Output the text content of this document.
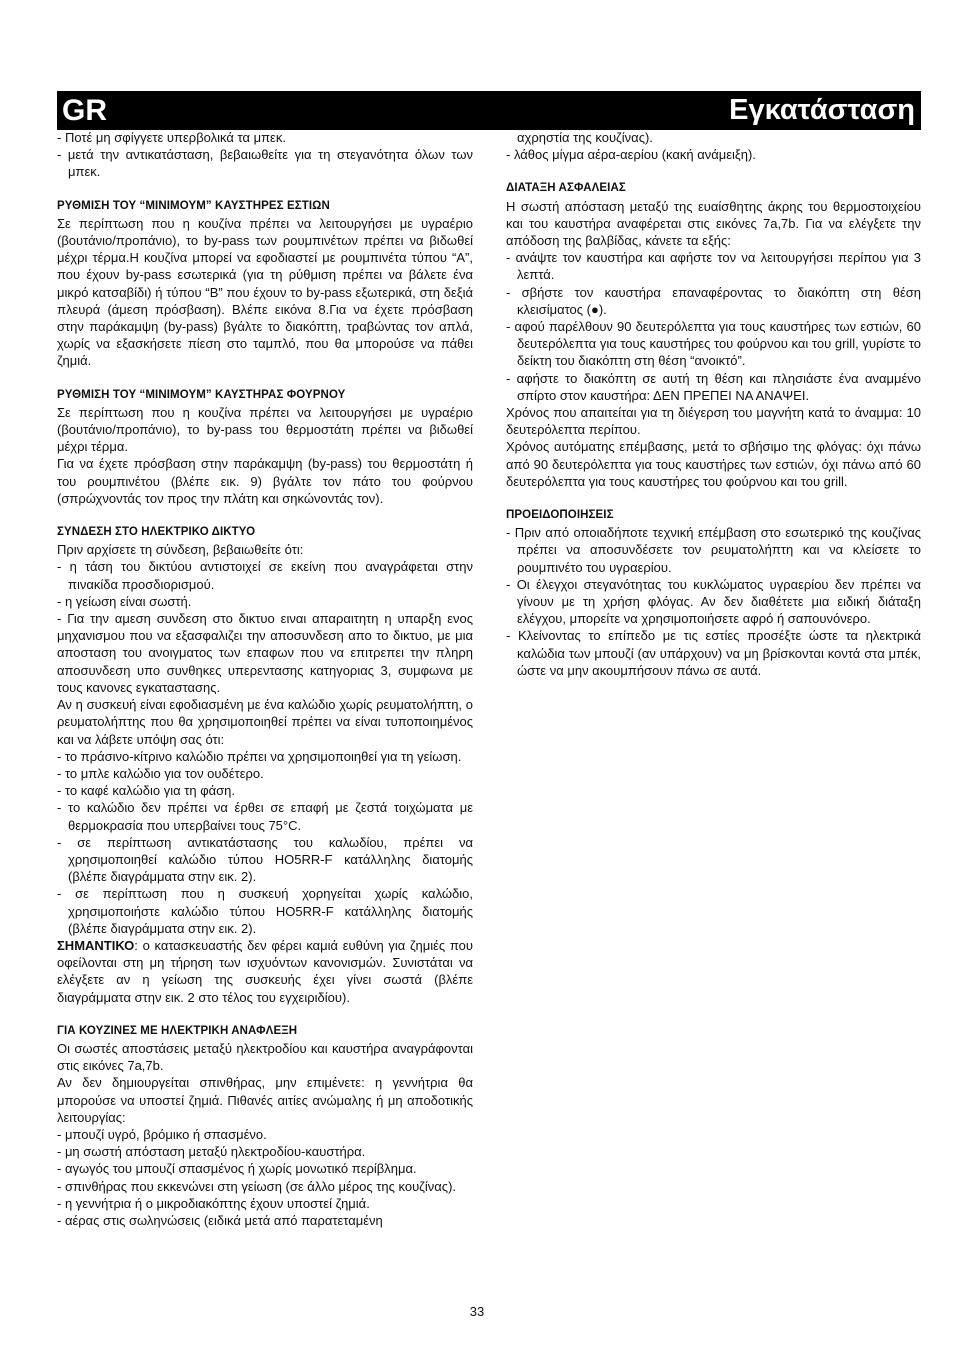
GR	Εγκατάσταση

- Ποτέ μη σφίγγετε υπερβολικά τα μπεκ.

- μετά την αντικατάσταση, βεβαιωθείτε για τη στεγανότητα όλων των μπεκ.

ΡΥΘΜΙΣΗ ΤΟΥ “ΜΙΝΙΜΟΥΜ” ΚΑΥΣΤΗΡΕΣ ΕΣΤΙΩΝ

Σε περίπτωση που η κουζίνα πρέπει να λειτουργήσει με υγραέριο (βουτάνιο/προπάνιο), το by-pass των ρουμπινέτων πρέπει να βιδωθεί μέχρι τέρμα.Η κουζίνα μπορεί να εφοδιαστεί με ρουμπινέτα τύπου “Α”, που έχουν by-pass εσωτερικά (για τη ρύθμιση πρέπει να βάλετε ένα μικρό κατσαβίδι) ή τύπου “Β” που έχουν το by-pass εξωτερικά, στη δεξιά πλευρά (άμεση πρόσβαση). Βλέπε εικόνα 8.Για να έχετε πρόσβαση στην παράκαμψη (by-pass) βγάλτε το διακόπτη, τραβώντας τον απλά, χωρίς να εξασκήσετε πίεση στο ταμπλό, που θα μπορούσε να πάθει ζημιά.

ΡΥΘΜΙΣΗ ΤΟΥ “ΜΙΝΙΜΟΥΜ” ΚΑΥΣΤΗΡΑΣ ΦΟΥΡΝΟΥ

Σε περίπτωση που η κουζίνα πρέπει να λειτουργήσει με υγραέριο (βουτάνιο/προπάνιο), το by-pass του θερμοστάτη πρέπει να βιδωθεί μέχρι τέρμα.

Για να έχετε πρόσβαση στην παράκαμψη (by-pass) του θερμοστάτη ή του ρουμπινέτου (βλέπε εικ. 9) βγάλτε τον πάτο του φούρνου (σπρώχνοντάς τον προς την πλάτη και σηκώνοντάς τον).

ΣΥΝΔΕΣΗ ΣΤΟ ΗΛΕΚΤΡΙΚΟ ΔΙΚΤΥΟ

Πριν αρχίσετε τη σύνδεση, βεβαιωθείτε ότι:

- η τάση του δικτύου αντιστοιχεί σε εκείνη που αναγράφεται στην πινακίδα προσδιορισμού.

- η γείωση είναι σωστή.

- Για την αμεση συνδεση στο δικτυο ειναι απαραιτητη η υπαρξη ενος μηχανισμου που να εξασφαλιζει την αποσυνδεση απο το δικτυο, με μια αποσταση του ανοιγματος των επαφων που να επιτρεπει την πληρη αποσυνδεση υπο συνθηκες υπερεντασης κατηγοριας 3, συμφωνα με τους κανονες εγκαταστασης.

Αν η συσκευή είναι εφοδιασμένη με ένα καλώδιο χωρίς ρευματολήπτη, ο ρευματολήπτης που θα χρησιμοποιηθεί πρέπει να είναι τυποποιημένος και να λάβετε υπόψη σας ότι:

- το πράσινο-κίτρινο καλώδιο πρέπει να χρησιμοποιηθεί για τη γείωση.

- το μπλε καλώδιο για τον ουδέτερο.

- το καφέ καλώδιο για τη φάση.

- το καλώδιο δεν πρέπει να έρθει σε επαφή με ζεστά τοιχώματα με θερμοκρασία που υπερβαίνει τους 75°C.

- σε περίπτωση αντικατάστασης του καλωδίου, πρέπει να χρησιμοποιηθεί καλώδιο τύπου HO5RR-F κατάλληλης διατομής (βλέπε διαγράμματα στην εικ. 2).

- σε περίπτωση που η συσκευή χορηγείται χωρίς καλώδιο, χρησιμοποιήστε καλώδιο τύπου HO5RR-F κατάλληλης διατομής (βλέπε διαγράμματα στην εικ. 2).

ΣΗΜΑΝΤΙΚΟ: ο κατασκευαστής δεν φέρει καμιά ευθύνη για ζημιές που οφείλονται στη μη τήρηση των ισχυόντων κανονισμών. Συνιστάται να ελέγξετε αν η γείωση της συσκευής έχει γίνει σωστά (βλέπε διαγράμματα στην εικ. 2 στο τέλος του εγχειριδίου).

ΓΙΑ ΚΟΥΖΙΝΕΣ ΜΕ ΗΛΕΚΤΡΙΚΗ ΑΝΑΦΛΕΞΗ

Οι σωστές αποστάσεις μεταξύ ηλεκτροδίου και καυστήρα αναγράφονται στις εικόνες 7a,7b.

Αν δεν δημιουργείται σπινθήρας, μην επιμένετε: η γεννήτρια θα μπορούσε να υποστεί ζημιά. Πιθανές αιτίες ανώμαλης ή μη αποδοτικής λειτουργίας:

- μπουζί υγρό, βρόμικο ή σπασμένο.

- μη σωστή απόσταση μεταξύ ηλεκτροδίου-καυστήρα.

- αγωγός του μπουζί σπασμένος ή χωρίς μονωτικό περίβλημα.

- σπινθήρας που εκκενώνει στη γείωση (σε άλλο μέρος της κουζίνας).

- η γεννήτρια ή ο μικροδιακόπτης έχουν υποστεί ζημιά.

- αέρας στις σωληνώσεις (ειδικά μετά από παρατεταμένη

αχρηστία της κουζίνας).

- λάθος μίγμα αέρα-αερίου (κακή ανάμειξη).

ΔΙΑΤΑΞΗ ΑΣΦΑΛΕΙΑΣ

Η σωστή απόσταση μεταξύ της ευαίσθητης άκρης του θερμοστοιχείου και του καυστήρα αναφέρεται στις εικόνες 7a,7b. Για να ελέγξετε την απόδοση της βαλβίδας, κάνετε τα εξής:

- ανάψτε τον καυστήρα και αφήστε τον να λειτουργήσει περίπου για 3 λεπτά.

- σβήστε τον καυστήρα επαναφέροντας το διακόπτη στη θέση κλεισίματος (●).

- αφού παρέλθουν 90 δευτερόλεπτα για τους καυστήρες των εστιών, 60 δευτερόλεπτα για τους καυστήρες του φούρνου και του grill, γυρίστε το δείκτη του διακόπτη στη θέση “ανοικτό”.

- αφήστε το διακόπτη σε αυτή τη θέση και πλησιάστε ένα αναμμένο σπίρτο στον καυστήρα: ΔΕΝ ΠΡΕΠΕΙ ΝΑ ΑΝΑΨΕΙ.

Χρόνος που απαιτείται για τη διέγερση του μαγνήτη κατά το άναμμα: 10 δευτερόλεπτα περίπου.

Χρόνος αυτόματης επέμβασης, μετά το σβήσιμο της φλόγας: όχι πάνω από 90 δευτερόλεπτα για τους καυστήρες των εστιών, όχι πάνω από 60 δευτερόλεπτα για τους καυστήρες του φούρνου και του grill.

ΠΡΟΕΙΔΟΠΟΙΗΣΕΙΣ

- Πριν από οποιαδήποτε τεχνική επέμβαση στο εσωτερικό της κουζίνας πρέπει να αποσυνδέσετε τον ρευματολήπτη και να κλείσετε το ρουμπινέτο του υγραερίου.

- Οι έλεγχοι στεγανότητας του κυκλώματος υγραερίου δεν πρέπει να γίνουν με τη χρήση φλόγας. Αν δεν διαθέτετε μια ειδική διάταξη ελέγχου, μπορείτε να χρησιμοποιήσετε αφρό ή σαπουνόνερο.

- Κλείνοντας το επίπεδο με τις εστίες προσέξτε ώστε τα ηλεκτρικά καλώδια των μπουζί (αν υπάρχουν) να μη βρίσκονται κοντά στα μπέκ, ώστε να μην ακουμπήσουν πάνω σε αυτά.

33
